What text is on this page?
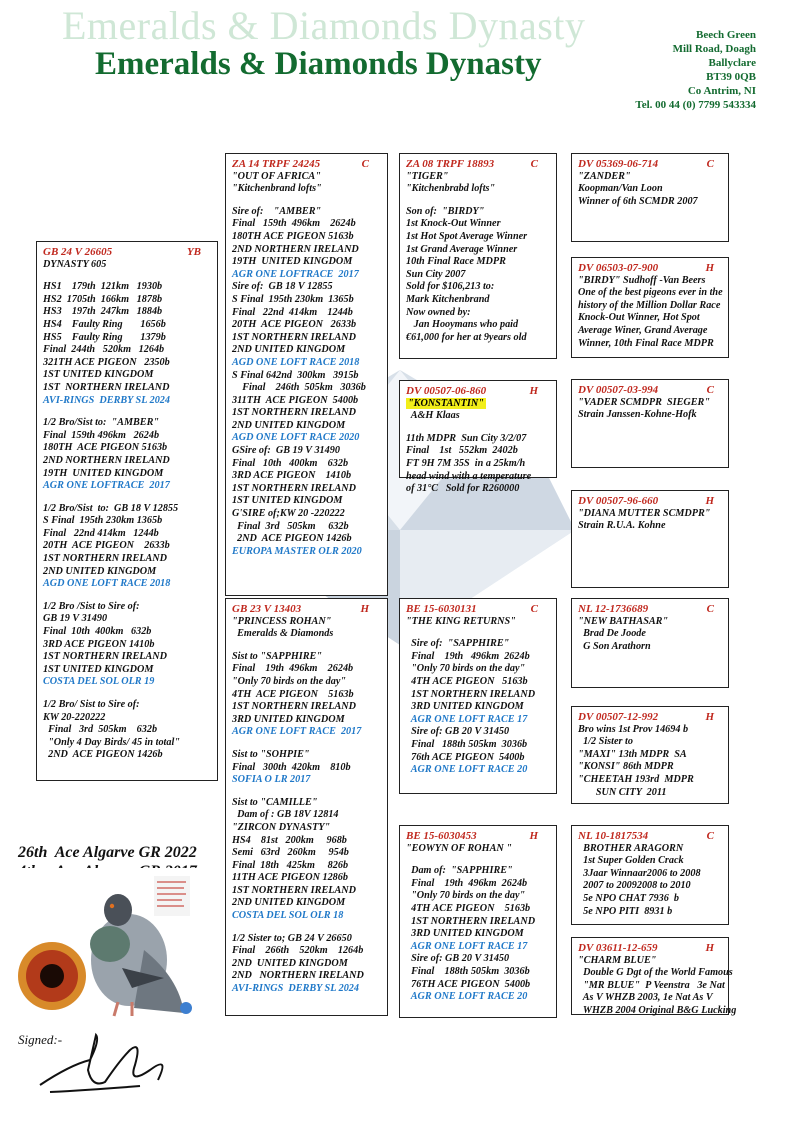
Emeralds & Diamonds Dynasty
Emeralds & Diamonds Dynasty
Beech Green
Mill Road, Doagh
Ballyclare
BT39 0QB
Co Antrim, NI
Tel. 00 44 (0) 7799 543334
GB 24 V 26605	YB
DYNASTY 605
HS1    179th  121km   1930b
HS2  1705th  166km   1878b
HS3    197th  247km   1884b
HS4    Faulty Ring       1656b
HS5    Faulty Ring       1379b
Final  244th   520km   1264b
321TH ACE PIGEON   2350b
1ST UNITED KINGDOM
1ST  NORTHERN IRELAND
AVI-RINGS  DERBY SL 2024
1/2 Bro/Sist to:  "AMBER"
Final  159th 496km   2624b
180TH  ACE PIGEON 5163b
2ND NORTHERN IRELAND
19TH  UNITED KINGDOM
AGR ONE LOFTRACE  2017
1/2 Bro/Sist  to:  GB 18 V 12855
S Final  195th 230km 1365b
Final   22nd 414km   1244b
20TH  ACE PIGEON    2633b
1ST NORTHERN IRELAND
2ND UNITED KINGDOM
AGD ONE LOFT RACE 2018
1/2 Bro /Sist to Sire of:
GB 19 V 31490
Final  10th  400km   632b
3RD ACE PIGEON 1410b
1ST NORTHERN IRELAND
1ST UNITED KINGDOM
COSTA DEL SOL OLR 19
1/2 Bro/ Sist to Sire of:
KW 20-220222
Final   3rd  505km    632b
"Only 4 Day Birds/ 45 in total"
2ND  ACE PIGEON 1426b
ZA 14 TRPF 24245	C
"OUT OF AFRICA"
"Kitchenbrand lofts"
Sire of:    "AMBER"
Final   159th  496km    2624b
180TH ACE PIGEON 5163b
2ND NORTHERN IRELAND
19TH  UNITED KINGDOM
AGR ONE LOFTRACE  2017
Sire of:  GB 18 V 12855
S Final  195th 230km  1365b
Final   22nd  414km    1244b
20TH  ACE PIGEON   2633b
1ST NORTHERN IRELAND
2ND UNITED KINGDOM
AGD ONE LOFT RACE 2018
S Final 642nd  300km   3915b
Final    246th  505km   3036b
311TH  ACE PIGEON  5400b
1ST NORTHERN IRELAND
2ND UNITED KINGDOM
AGD ONE LOFT RACE 2020
GSire of:  GB 19 V 31490
Final   10th   400km    632b
3RD ACE PIGEON    1410b
1ST NORTHERN IRELAND
1ST UNITED KINGDOM
G'SIRE of;KW 20 -220222
Final  3rd   505km     632b
2ND  ACE PIGEON 1426b
EUROPA MASTER OLR 2020
ZA 08 TRPF 18893	C
"TIGER"
"Kitchenbrabd lofts"
Son of:  "BIRDY"
1st Knock-Out Winner
1st Hot Spot Average Winner
1st Grand Average Winner
10th Final Race MDPR
Sun City 2007
Sold for $106,213 to:
Mark Kitchenbrand
Now owned by:
Jan Hooymans who paid
€61,000 for her at 9years old
DV 05369-06-714	C
"ZANDER"
Koopman/Van Loon
Winner of 6th SCMDR 2007
DV 06503-07-900	H
"BIRDY" Sudhoff -Van Beers
One of the best pigeons ever in the
history of the Million Dollar Race
Knock-Out Winner, Hot Spot
Average Winer, Grand Average
Winner, 10th Final Race MDPR
DV 00507-06-860	H
"KONSTANTIN"
A&H Klaas
11th MDPR  Sun City 3/2/07
Final    1st   552km  2402b
FT 9H 7M 35S  in a 25km/h
head wind with a temperature
of 31°C   Sold for R260000
DV 00507-03-994	C
"VADER SCMDPR  SIEGER"
Strain Janssen-Kohne-Hofk
DV 00507-96-660	H
"DIANA MUTTER SCMDPR"
Strain R.U.A. Kohne
GB 23 V 13403	H
"PRINCESS ROHAN"
Emeralds & Diamonds
Sist to "SAPPHIRE"
Final    19th  496km    2624b
"Only 70 birds on the day"
4TH  ACE PIGEON    5163b
1ST NORTHERN IRELAND
3RD UNITED KINGDOM
AGR ONE LOFT RACE  2017
Sist to "SOHPIE"
Final   300th  420km    810b
SOFIA O LR 2017
Sist to "CAMILLE"
Dam of : GB 18V 12814
"ZIRCON DYNASTY"
HS4    81st   200km     968b
Semi   63rd   260km     954b
Final  18th   425km     826b
11TH ACE PIGEON 1286b
1ST NORTHERN IRELAND
2ND UNITED KINGDOM
COSTA DEL SOL OLR 18
1/2 Sister to; GB 24 V 26650
Final    266th    520km    1264b
2ND  UNITED KINGDOM
2ND   NORTHERN IRELAND
AVI-RINGS  DERBY SL 2024
BE 15-6030131	C
"THE KING RETURNS"
Sire of:  "SAPPHIRE"
Final    19th   496km  2624b
"Only 70 birds on the day"
4TH ACE PIGEON   5163b
1ST NORTHERN IRELAND
3RD UNITED KINGDOM
AGR ONE LOFT RACE 17
Sire of: GB 20 V 31450
Final   188th 505km  3036b
76th ACE PIGEON  5400b
AGR ONE LOFT RACE 20
NL 12-1736689	C
"NEW BATHASAR"
Brad De Joode
G Son Arathorn
DV 00507-12-992	H
Bro wins 1st Prov 14694 b
1/2 Sister to
"MAXI" 13th MDPR  SA
"KONSI" 86th MDPR
"CHEETAH 193rd  MDPR
SUN CITY  2011
BE 15-6030453	H
"EOWYN OF ROHAN "
Dam of:  "SAPPHIRE"
Final    19th  496km  2624b
"Only 70 birds on the day"
4TH ACE PIGEON    5163b
1ST NORTHERN IRELAND
3RD UNITED KINGDOM
AGR ONE LOFT RACE 17
Sire of: GB 20 V 31450
Final    188th 505km  3036b
76TH ACE PIGEON  5400b
AGR ONE LOFT RACE 20
NL 10-1817534	C
BROTHER ARAGORN
1st Super Golden Crack
3Jaar Winnaar2006 to 2008
2007 to 20092008 to 2010
5e NPO CHAT 7936  b
5e NPO PITI  8931 b
DV 03611-12-659	H
"CHARM BLUE"
Double G Dgt of the World Famous
"MR BLUE"  P Veenstra   3e Nat
As V WHZB 2003, 1e Nat As V
WHZB 2004 Original B&G Lucking
26th  Ace Algarve GR 2022
Signed:-
